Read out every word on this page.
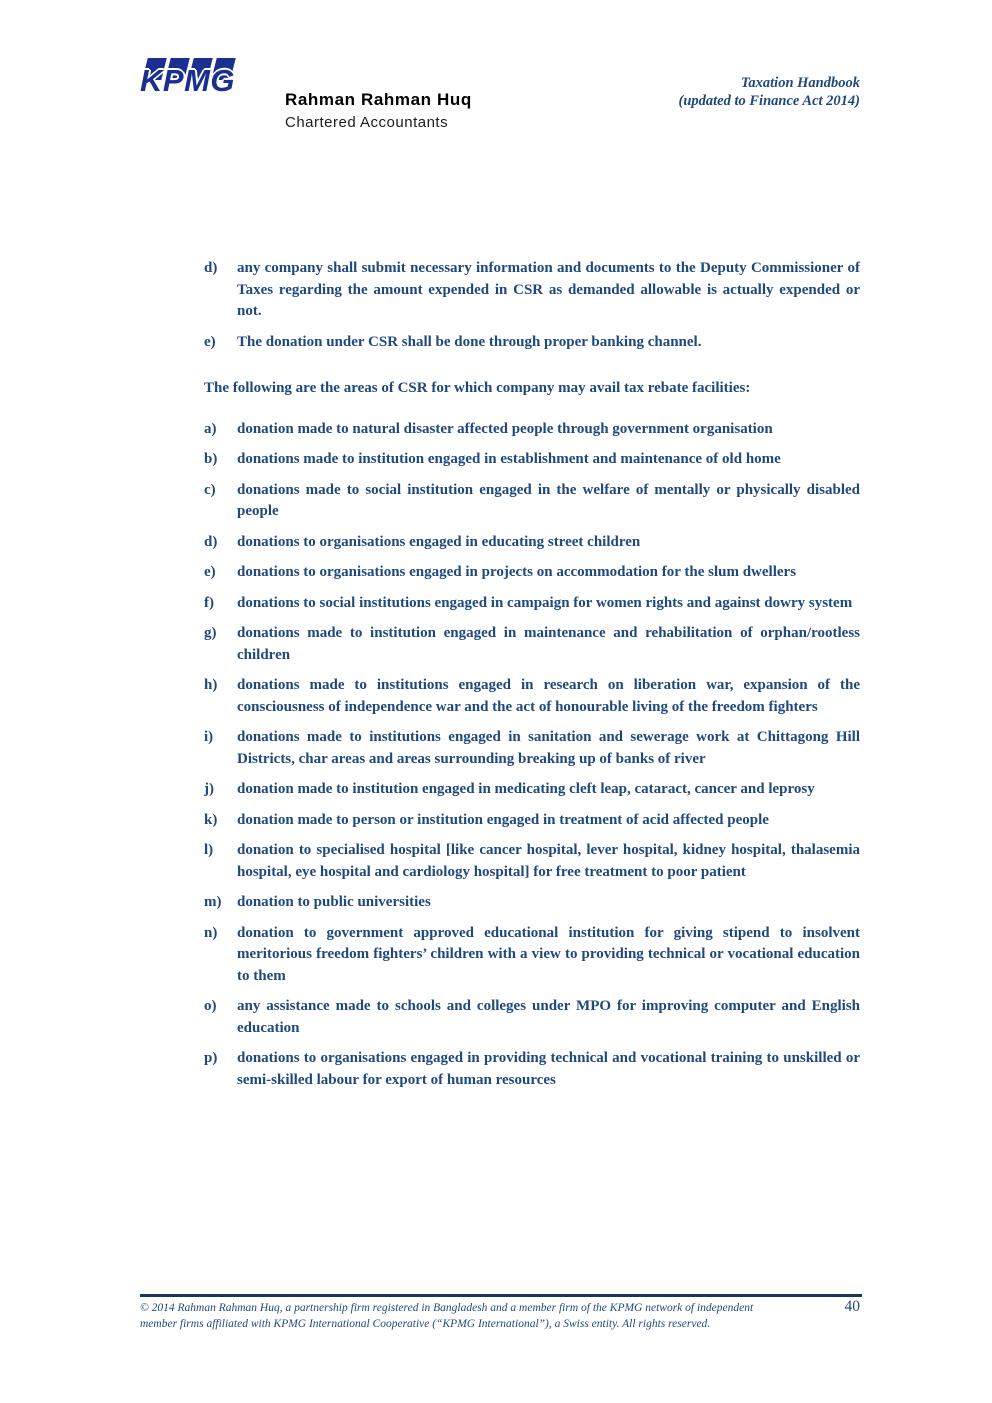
KPMG
Rahman Rahman Huq
Chartered Accountants
Taxation Handbook
(updated to Finance Act 2014)
d) any company shall submit necessary information and documents to the Deputy Commissioner of Taxes regarding the amount expended in CSR as demanded allowable is actually expended or not.
e) The donation under CSR shall be done through proper banking channel.

The following are the areas of CSR for which company may avail tax rebate facilities:

a) donation made to natural disaster affected people through government organisation
b) donations made to institution engaged in establishment and maintenance of old home
c) donations made to social institution engaged in the welfare of mentally or physically disabled people
d) donations to organisations engaged in educating street children
e) donations to organisations engaged in projects on accommodation for the slum dwellers
f) donations to social institutions engaged in campaign for women rights and against dowry system
g) donations made to institution engaged in maintenance and rehabilitation of orphan/rootless children
h) donations made to institutions engaged in research on liberation war, expansion of the consciousness of independence war and the act of honourable living of the freedom fighters
i) donations made to institutions engaged in sanitation and sewerage work at Chittagong Hill Districts, char areas and areas surrounding breaking up of banks of river
j) donation made to institution engaged in medicating cleft leap, cataract, cancer and leprosy
k) donation made to person or institution engaged in treatment of acid affected people
l) donation to specialised hospital [like cancer hospital, lever hospital, kidney hospital, thalasemia hospital, eye hospital and cardiology hospital] for free treatment to poor patient
m) donation to public universities
n) donation to government approved educational institution for giving stipend to insolvent meritorious freedom fighters’ children with a view to providing technical or vocational education to them
o) any assistance made to schools and colleges under MPO for improving computer and English education
p) donations to organisations engaged in providing technical and vocational training to unskilled or semi-skilled labour for export of human resources
© 2014 Rahman Rahman Huq, a partnership firm registered in Bangladesh and a member firm of the KPMG network of independent
member firms affiliated with KPMG International Cooperative (“KPMG International”), a Swiss entity. All rights reserved.
40
